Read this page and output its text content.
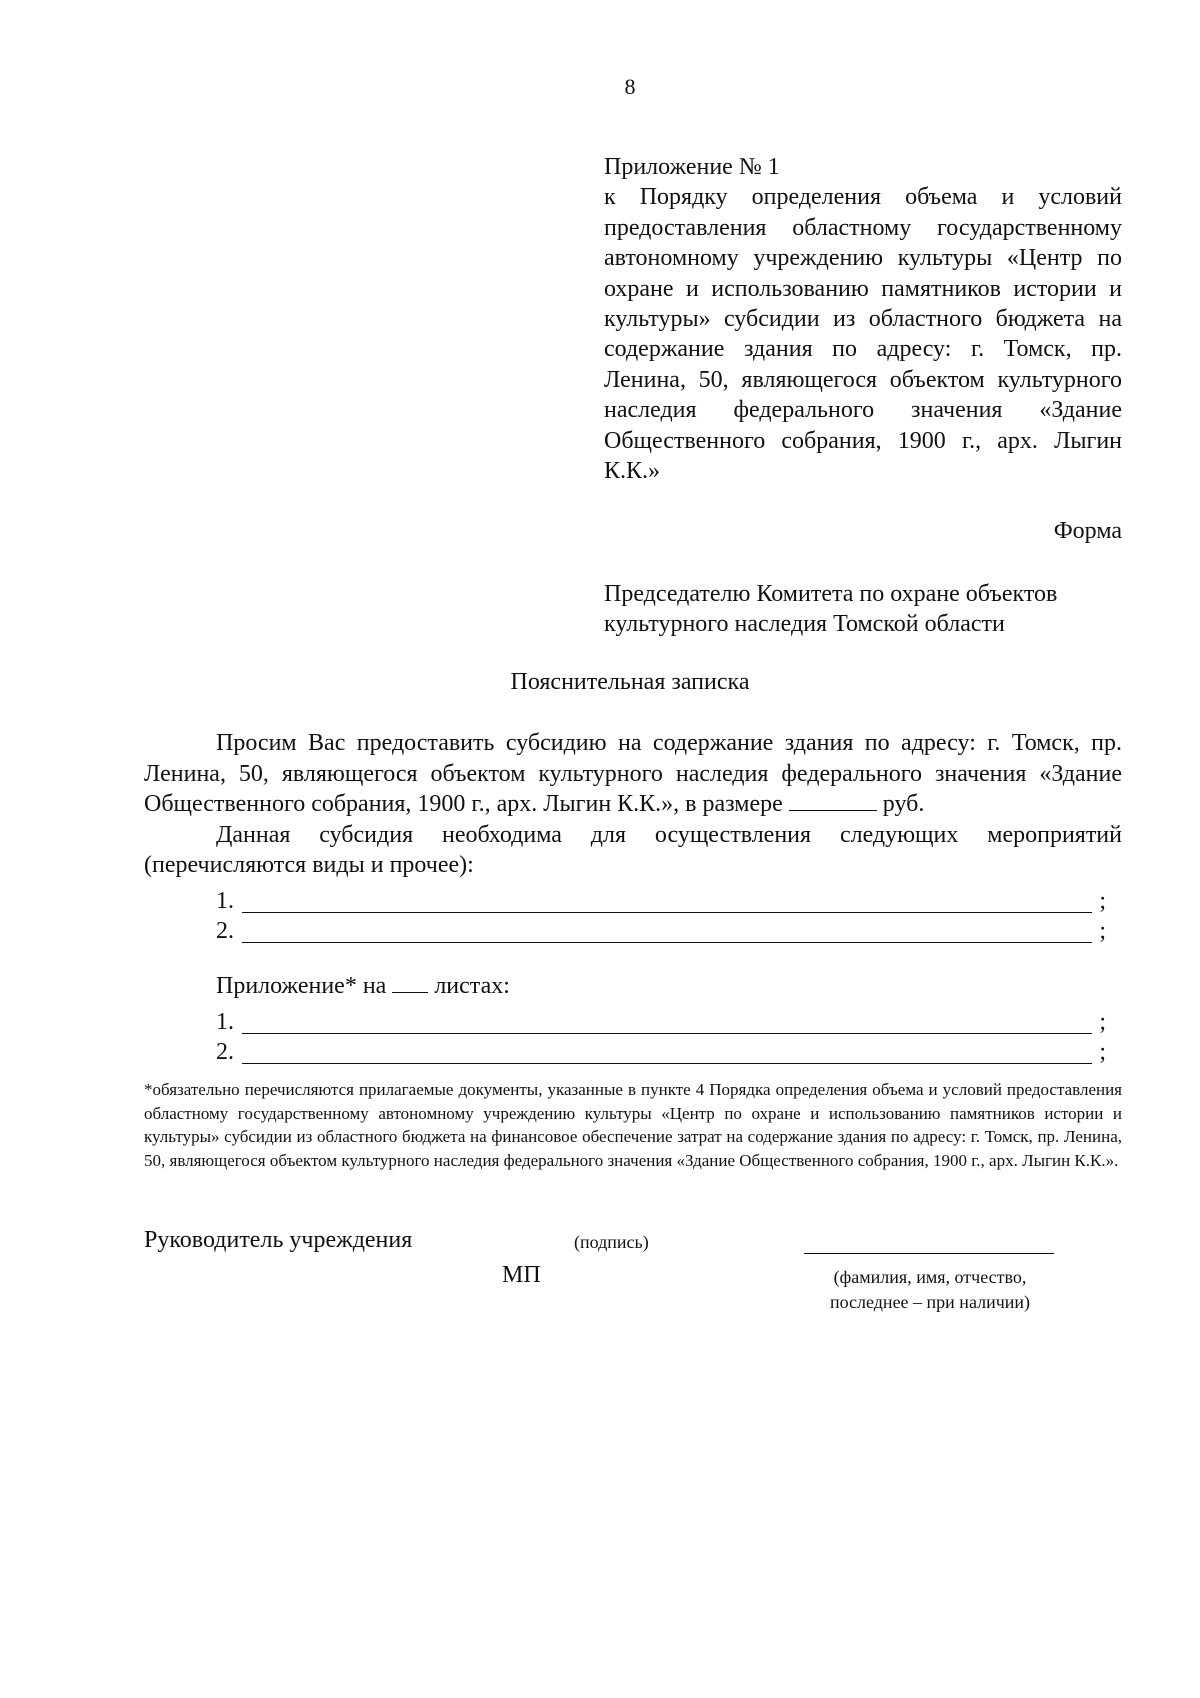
8
Приложение № 1
к Порядку определения объема и условий предоставления областному государственному автономному учреждению культуры «Центр по охране и использованию памятников истории и культуры» субсидии из областного бюджета на содержание здания по адресу: г. Томск, пр. Ленина, 50, являющегося объектом культурного наследия федерального значения «Здание Общественного собрания, 1900 г., арх. Лыгин К.К.»
Форма
Председателю Комитета по охране объектов
культурного наследия Томской области
Пояснительная записка

Просим Вас предоставить субсидию на содержание здания по адресу: г. Томск, пр. Ленина, 50, являющегося объектом культурного наследия федерального значения «Здание Общественного собрания, 1900 г., арх. Лыгин К.К.», в размере	руб.

Данная субсидия необходима для осуществления следующих мероприятий (перечисляются виды и прочее):

1.	;
2.	;
Приложение* на листах:
1.	;
2.	;
*обязательно перечисляются прилагаемые документы, указанные в пункте 4 Порядка определения объема и условий предоставления областному государственному автономному учреждению культуры «Центр по охране и использованию памятников истории и культуры» субсидии из областного бюджета на финансовое обеспечение затрат на содержание здания по адресу: г. Томск, пр. Ленина, 50, являющегося объектом культурного наследия федерального значения «Здание Общественного собрания, 1900 г., арх. Лыгин К.К.».
Руководитель учреждения	(подпись)
МП	(фамилия, имя, отчество,
последнее – при наличии)
